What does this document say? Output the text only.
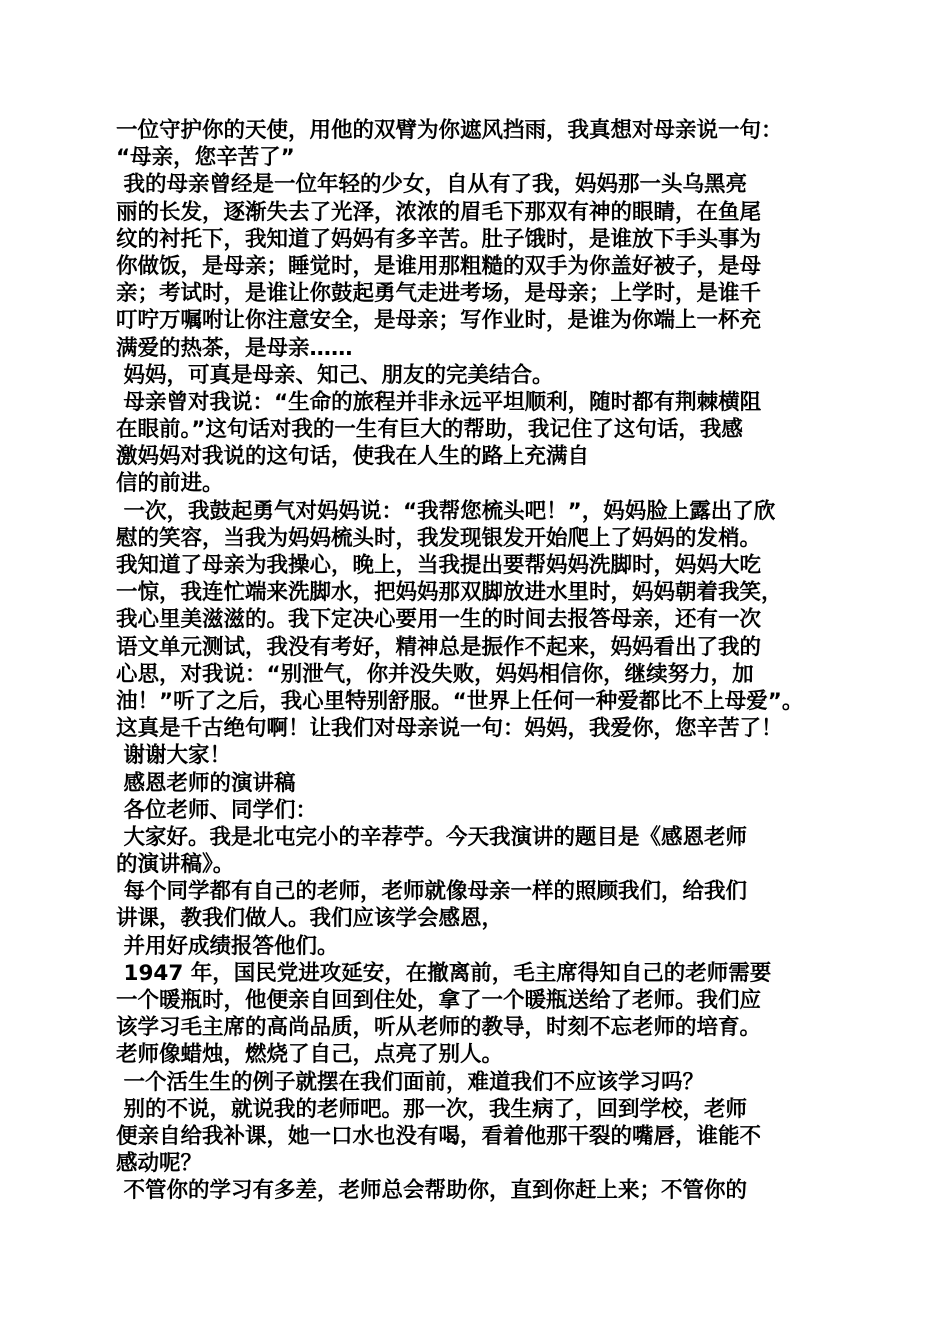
一位守护你的天使，用他的双臂为你遮风挡雨，我真想对母亲说一句：
“母亲，您辛苦了”
我的母亲曾经是一位年轻的少女，自从有了我，妈妈那一头乌黑亮
丽的长发，逐渐失去了光泽，浓浓的眉毛下那双有神的眼睛，在鱼尾
纹的衬托下，我知道了妈妈有多辛苦。肚子饿时，是谁放下手头事为
你做饭，是母亲；睡觉时，是谁用那粗糙的双手为你盖好被子，是母
亲；考试时，是谁让你鼓起勇气走进考场，是母亲；上学时，是谁千
叮咛万嘱咐让你注意安全，是母亲；写作业时，是谁为你端上一杯充
满爱的热茶，是母亲……
妈妈，可真是母亲、知己、朋友的完美结合。
母亲曾对我说：“生命的旅程并非永远平坦顺利，随时都有荆棘横阻
在眼前。”这句话对我的一生有巨大的帮助，我记住了这句话，我感
激妈妈对我说的这句话，使我在人生的路上充满自
信的前进。
一次，我鼓起勇气对妈妈说：“我帮您梳头吧！”，妈妈脸上露出了欣
慰的笑容，当我为妈妈梳头时，我发现银发开始爬上了妈妈的发梢。
我知道了母亲为我操心，晚上，当我提出要帮妈妈洗脚时，妈妈大吃
一惊，我连忙端来洗脚水，把妈妈那双脚放进水里时，妈妈朝着我笑，
我心里美滋滋的。我下定决心要用一生的时间去报答母亲，还有一次
语文单元测试，我没有考好，精神总是振作不起来，妈妈看出了我的
心思，对我说：“别泄气，你并没失败，妈妈相信你，继续努力，加
油！”听了之后，我心里特别舒服。“世界上任何一种爱都比不上母爱”。
这真是千古绝句啊！让我们对母亲说一句：妈妈，我爱你，您辛苦了！
谢谢大家！
感恩老师的演讲稿
各位老师、同学们：
大家好。我是北屯完小的辛荐苧。今天我演讲的题目是《感恩老师
的演讲稿》。
每个同学都有自己的老师，老师就像母亲一样的照顾我们，给我们
讲课，教我们做人。我们应该学会感恩，
并用好成绩报答他们。
1947 年，国民党进攻延安，在撤离前，毛主席得知自己的老师需要
一个暖瓶时，他便亲自回到住处，拿了一个暖瓶送给了老师。我们应
该学习毛主席的高尚品质，听从老师的教导，时刻不忘老师的培育。
老师像蜡烛，燃烧了自己，点亮了别人。
一个活生生的例子就摆在我们面前，难道我们不应该学习吗？
别的不说，就说我的老师吧。那一次，我生病了，回到学校，老师
便亲自给我补课，她一口水也没有喝，看着他那干裂的嘴唇，谁能不
感动呢？
不管你的学习有多差，老师总会帮助你，直到你赶上来；不管你的
